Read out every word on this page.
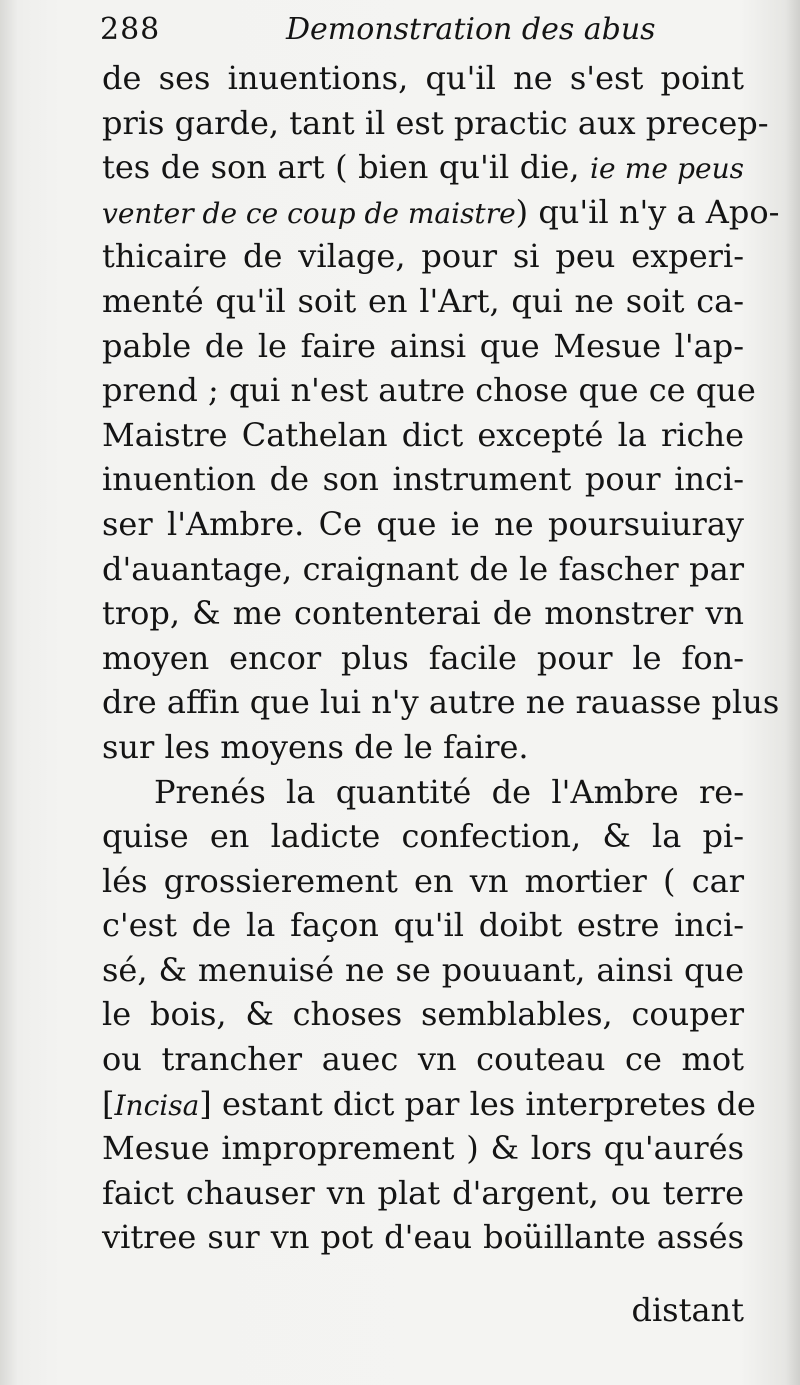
288	Demonstration des abus
de ses inuentions, qu'il ne s'est point
pris garde, tant il est practic aux precep-
tes de son art ( bien qu'il die, ie me peus
venter de ce coup de maistre) qu'il n'y a Apo-
thicaire de vilage, pour si peu experi-
menté qu'il soit en l'Art, qui ne soit ca-
pable de le faire ainsi que Mesue l'ap-
prend ; qui n'est autre chose que ce que
Maistre Cathelan dict excepté la riche
inuention de son instrument pour inci-
ser l'Ambre. Ce que ie ne poursuiuray
d'auantage, craignant de le fascher par
trop, & me contenterai de monstrer vn
moyen encor plus facile pour le fon-
dre affin que lui n'y autre ne rauasse plus
sur les moyens de le faire.
Prenés la quantité de l'Ambre re-
quise en ladicte confection, & la pi-
lés grossierement en vn mortier ( car
c'est de la façon qu'il doibt estre inci-
sé, & menuisé ne se pouuant, ainsi que
le bois, & choses semblables, couper
ou trancher auec vn couteau ce mot
[Incisa] estant dict par les interpretes de
Mesue improprement ) & lors qu'aurés
faict chauser vn plat d'argent, ou terre
vitree sur vn pot d'eau boüillante assés
distant
